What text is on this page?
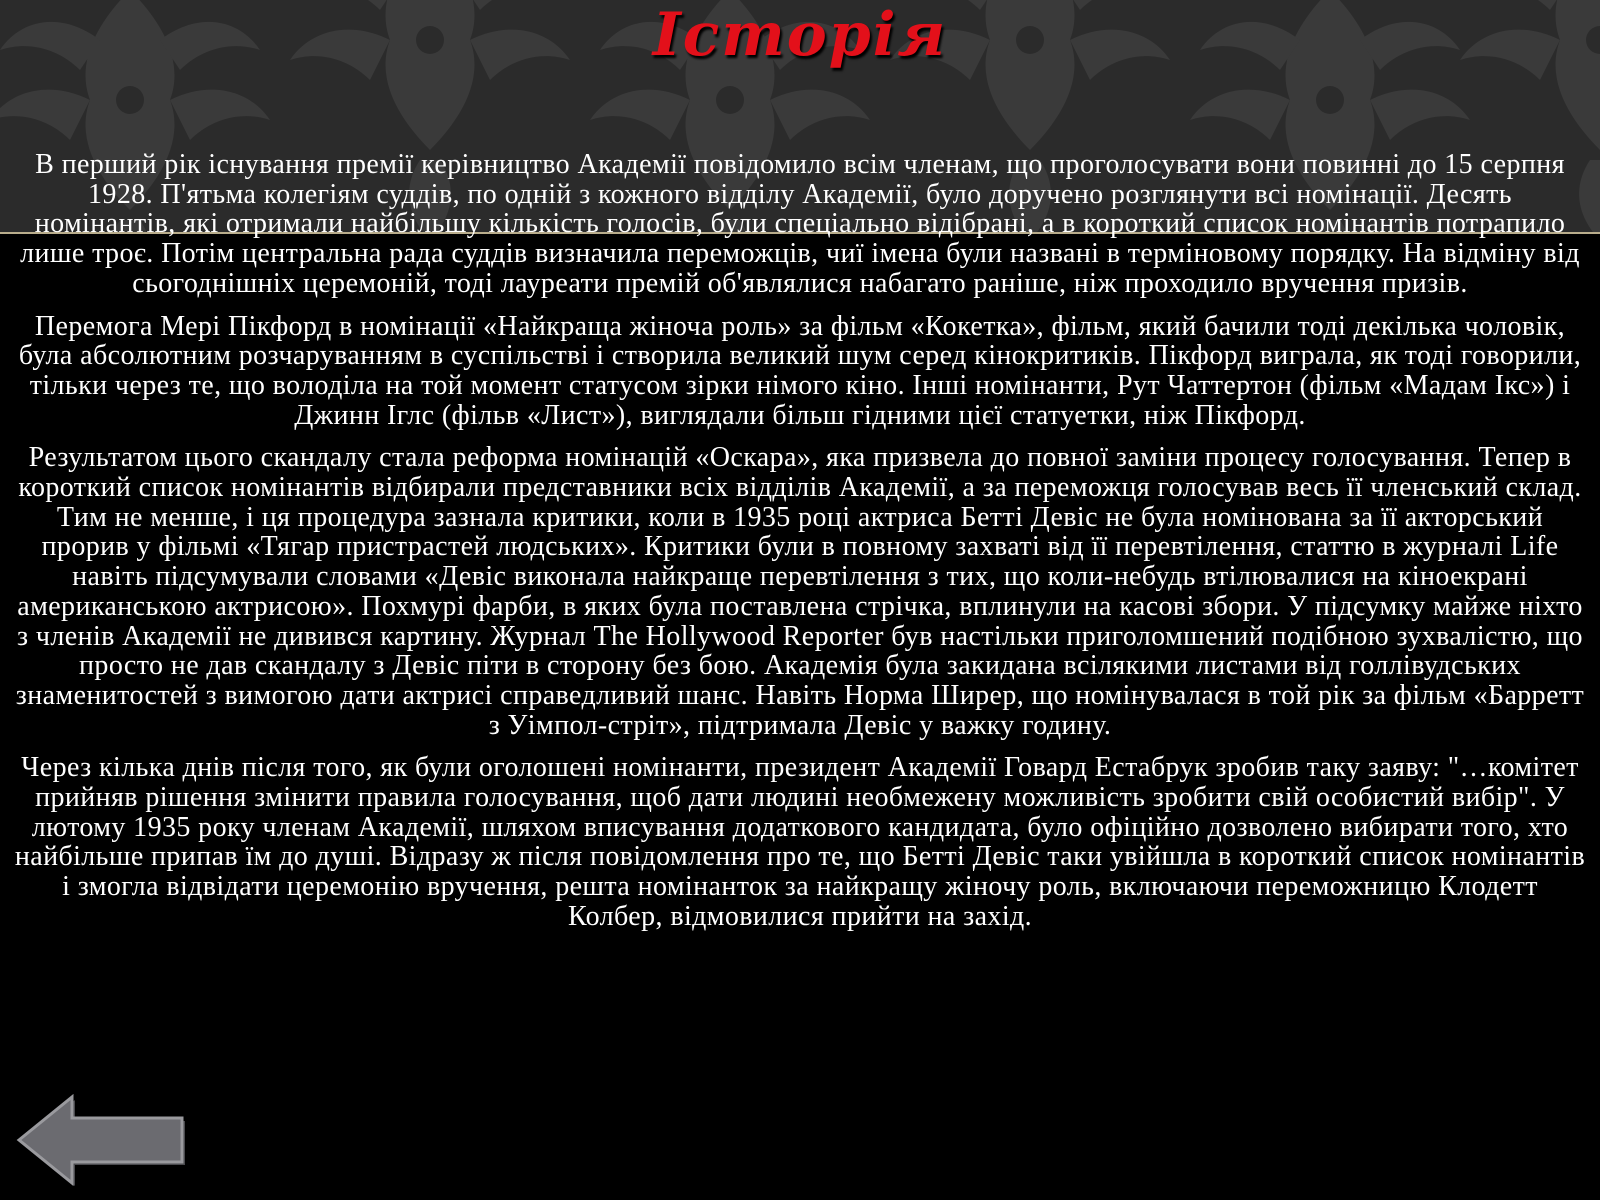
Історія

В перший рік існування премії керівництво Академії повідомило всім членам, що проголосувати вони повинні до 15 серпня 1928. П'ятьма колегіям суддів, по одній з кожного відділу Академії, було доручено розглянути всі номінації. Десять номінантів, які отримали найбільшу кількість голосів, були спеціально відібрані, а в короткий список номінантів потрапило лише троє. Потім центральна рада суддів визначила переможців, чиї імена були названі в терміновому порядку. На відміну від сьогоднішніх церемоній, тоді лауреати премій об'являлися набагато раніше, ніж проходило вручення призів.

Перемога Мері Пікфорд в номінації «Найкраща жіноча роль» за фільм «Кокетка», фільм, який бачили тоді декілька чоловік, була абсолютним розчаруванням в суспільстві і створила великий шум серед кінокритиків. Пікфорд виграла, як тоді говорили, тільки через те, що володіла на той момент статусом зірки німого кіно. Інші номінанти, Рут Чаттертон (фільм «Мадам Ікс») і Джинн Іглс (фільв «Лист»), виглядали більш гідними цієї статуетки, ніж Пікфорд.

Результатом цього скандалу стала реформа номінацій «Оскара», яка призвела до повної заміни процесу голосування. Тепер в короткий список номінантів відбирали представники всіх відділів Академії, а за переможця голосував весь її членський склад. Тим не менше, і ця процедура зазнала критики, коли в 1935 році актриса Бетті Девіс не була номінована за її акторський прорив у фільмі «Тягар пристрастей людських». Критики були в повному захваті від її перевтілення, статтю в журналі Life навіть підсумували словами «Девіс виконала найкраще перевтілення з тих, що коли-небудь втілювалися на кіноекрані американською актрисою». Похмурі фарби, в яких була поставлена стрічка, вплинули на касові збори. У підсумку майже ніхто з членів Академії не дивився картину. Журнал The Hollywood Reporter був настільки приголомшений подібною зухвалістю, що просто не дав скандалу з Девіс піти в сторону без бою. Академія була закидана всілякими листами від голлівудських знаменитостей з вимогою дати актрисі справедливий шанс. Навіть Норма Ширер, що номінувалася в той рік за фільм «Барретт з Уімпол-стріт», підтримала Девіс у важку годину.

Через кілька днів після того, як були оголошені номінанти, президент Академії Говард Естабрук зробив таку заяву: "…комітет прийняв рішення змінити правила голосування, щоб дати людині необмежену можливість зробити свій особистий вибір". У лютому 1935 року членам Академії, шляхом вписування додаткового кандидата, було офіційно дозволено вибирати того, хто найбільше припав їм до душі. Відразу ж після повідомлення про те, що Бетті Девіс таки увійшла в короткий список номінантів і змогла відвідати церемонію вручення, решта номінанток за найкращу жіночу роль, включаючи переможницю Клодетт Колбер, відмовилися прийти на захід.
